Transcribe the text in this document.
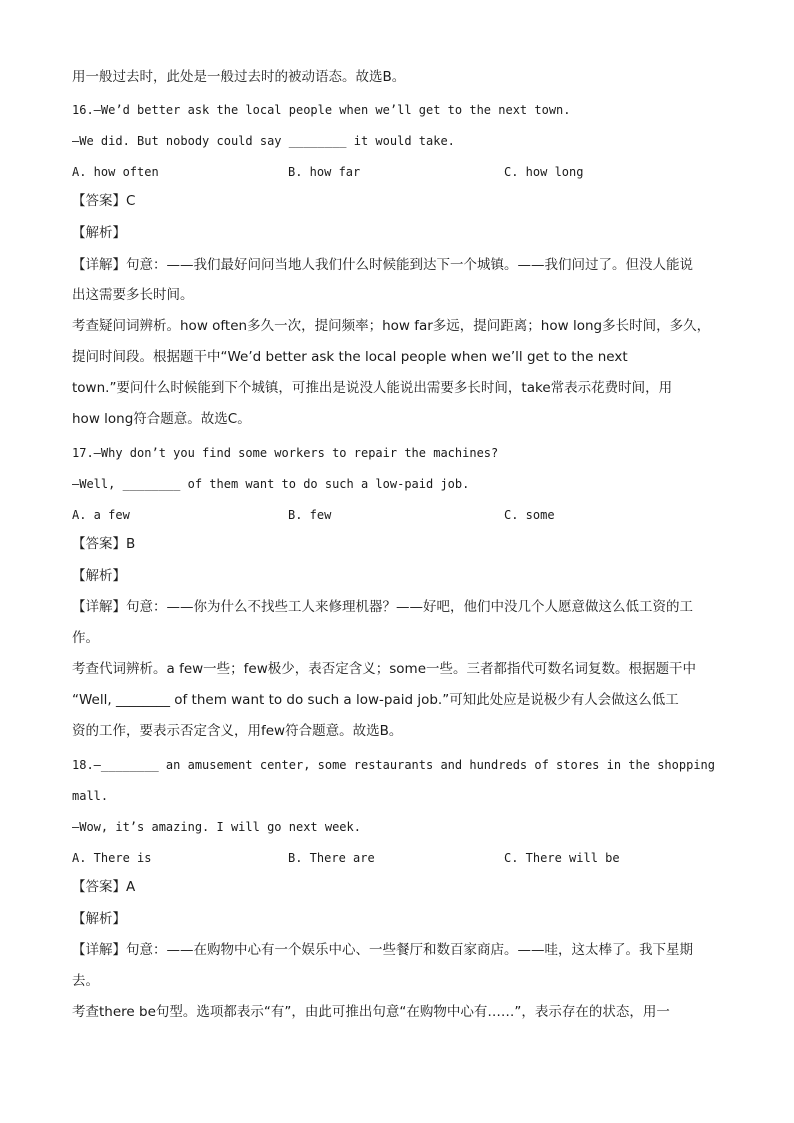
用一般过去时，此处是一般过去时的被动语态。故选B。
16.—We’d better ask the local people when we’ll get to the next town.
—We did. But nobody could say ________ it would take.
A. how often	B. how far	C. how long
【答案】C
【解析】
【详解】句意：——我们最好问问当地人我们什么时候能到达下一个城镇。——我们问过了。但没人能说
出这需要多长时间。
考查疑问词辨析。how often多久一次，提问频率；how far多远，提问距离；how long多长时间，多久，
提问时间段。根据题干中“We’d better ask the local people when we’ll get to the next
town.”要问什么时候能到下个城镇，可推出是说没人能说出需要多长时间，take常表示花费时间，用
how long符合题意。故选C。
17.—Why don’t you find some workers to repair the machines?
—Well, ________ of them want to do such a low-paid job.
A. a few	B. few	C. some
【答案】B
【解析】
【详解】句意：——你为什么不找些工人来修理机器？——好吧，他们中没几个人愿意做这么低工资的工
作。
考查代词辨析。a few一些；few极少，表否定含义；some一些。三者都指代可数名词复数。根据题干中
“Well, ________ of them want to do such a low-paid job.”可知此处应是说极少有人会做这么低工
资的工作，要表示否定含义，用few符合题意。故选B。
18.—________ an amusement center, some restaurants and hundreds of stores in the shopping
mall.
—Wow, it’s amazing. I will go next week.
A. There is	B. There are	C. There will be
【答案】A
【解析】
【详解】句意：——在购物中心有一个娱乐中心、一些餐厅和数百家商店。——哇，这太棒了。我下星期
去。
考查there be句型。选项都表示“有”，由此可推出句意“在购物中心有……”，表示存在的状态，用一
